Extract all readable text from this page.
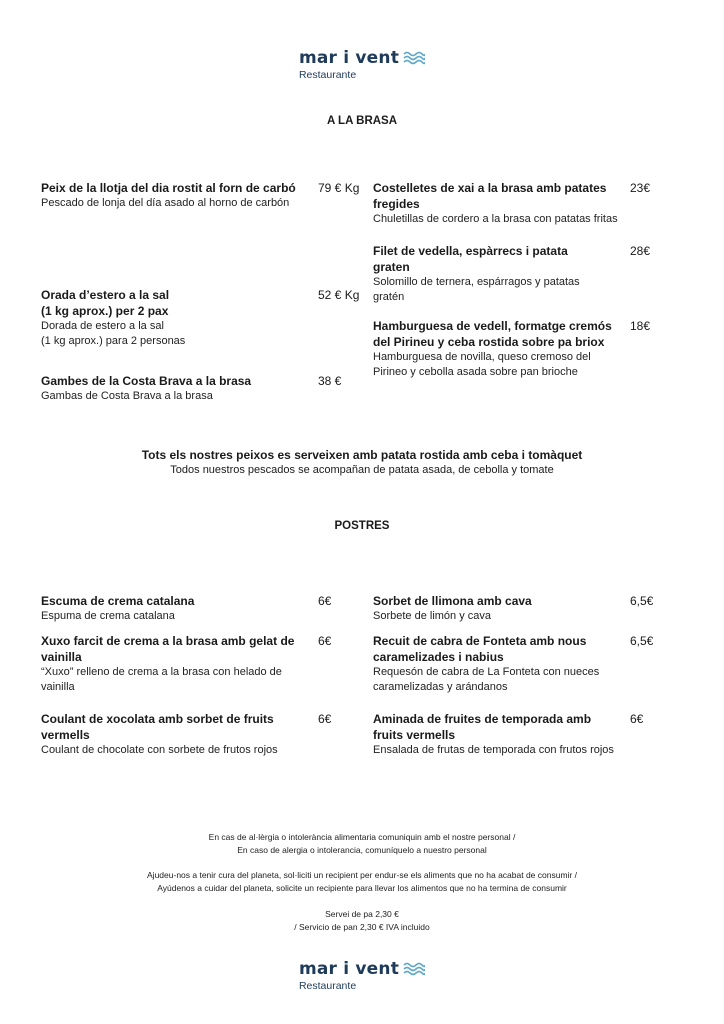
mar i vent
Restaurante
A LA BRASA
Peix de la llotja del dia rostit al forn de carbó
Pescado de lonja del día asado al horno de carbón
79 € Kg
Orada d’estero a la sal
(1 kg aprox.) per 2 pax
Dorada de estero a la sal
(1 kg aprox.) para 2 personas
52 € Kg
Gambes de la Costa Brava a la brasa
Gambas de Costa Brava a la brasa
38 €
Costelletes de xai a la brasa amb patates fregides
Chuletillas de cordero a la brasa con patatas fritas
23€
Filet de vedella, espàrrecs i patata graten
Solomillo de ternera, espárragos y patatas gratén
28€
Hamburguesa de vedell, formatge cremós del Pirineu y ceba rostida sobre pa briox
Hamburguesa de novilla, queso cremoso del Pirineo y cebolla asada sobre pan brioche
18€
Tots els nostres peixos es serveixen amb patata rostida amb ceba i tomàquet
Todos nuestros pescados se acompañan de patata asada, de cebolla y tomate
POSTRES
Escuma de crema catalana
Espuma de crema catalana
6€
Xuxo farcit de crema a la brasa amb gelat de vainilla
“Xuxo” relleno de crema a la brasa con helado de vainilla
6€
Coulant de xocolata amb sorbet de fruits vermells
Coulant de chocolate con sorbete de frutos rojos
6€
Sorbet de llimona amb cava
Sorbete de limón y cava
6,5€
Recuit de cabra de Fonteta amb nous caramelizades i nabius
Requesón de cabra de La Fonteta con nueces caramelizadas y arándanos
6,5€
Aminada de fruites de temporada amb fruits vermells
Ensalada de frutas de temporada con frutos rojos
6€
En cas de al·lèrgia o intolerància alimentaria comuniquin amb el nostre personal /
En caso de alergia o intolerancia, comuníquelo a nuestro personal
Ajudeu-nos a tenir cura del planeta, sol·liciti un recipient per endur-se els aliments que no ha acabat de consumir /
Ayúdenos a cuidar del planeta, solicite un recipiente para llevar los alimentos que no ha termina de consumir
Servei de pa 2,30 €
/ Servicio de pan 2,30 € IVA incluido
mar i vent
Restaurante
